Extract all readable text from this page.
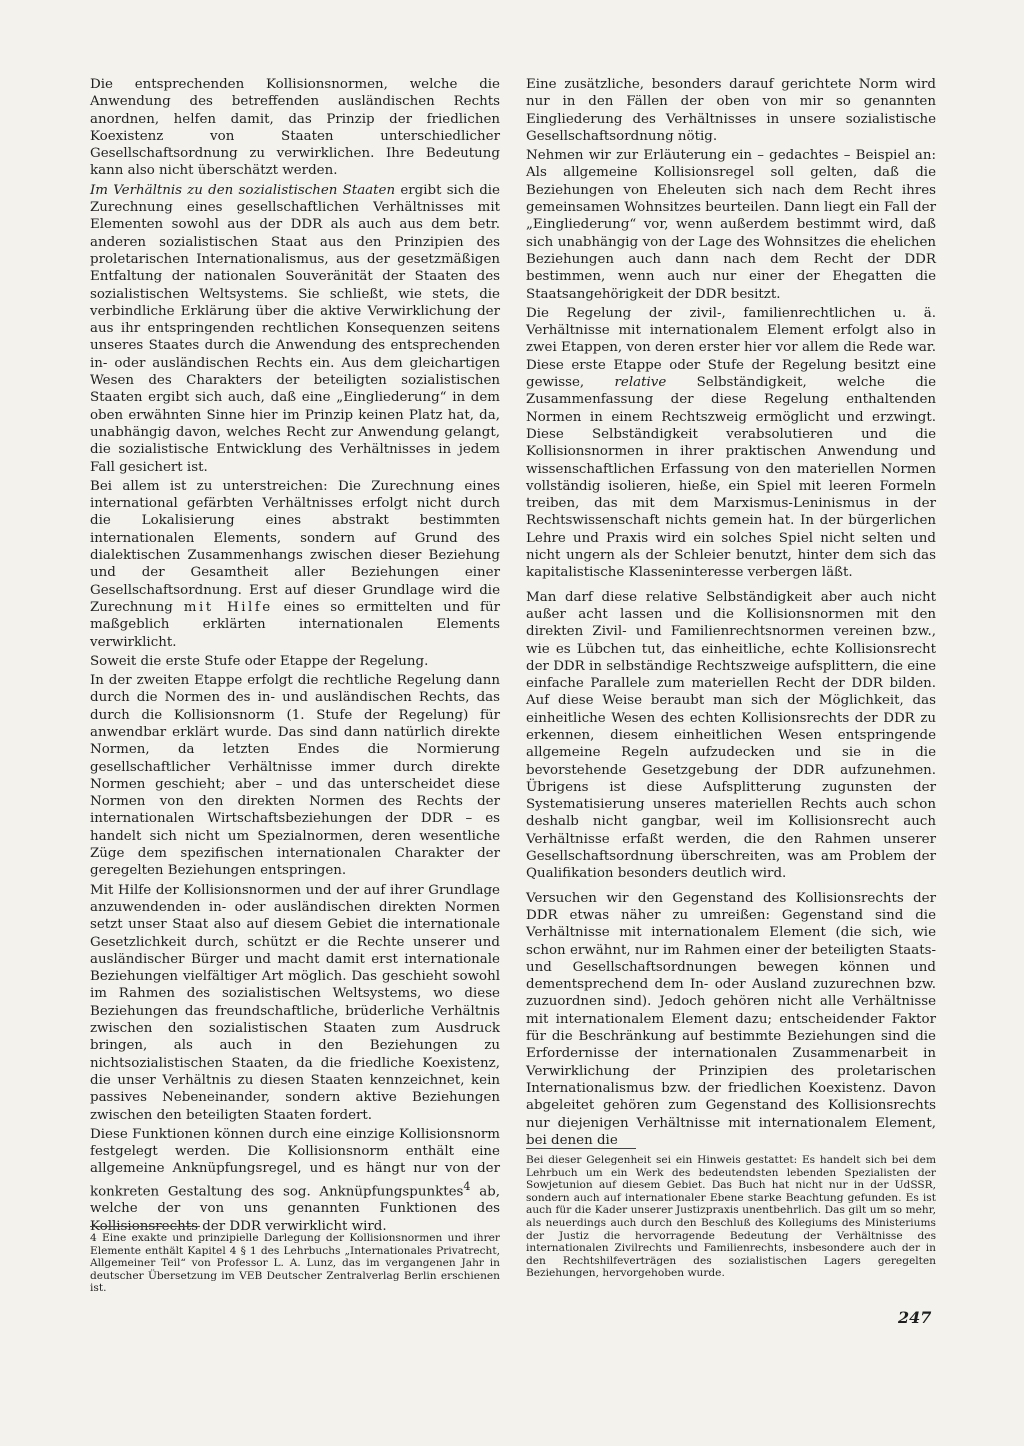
Die entsprechenden Kollisionsnormen, welche die Anwendung des betreffenden ausländischen Rechts anordnen, helfen damit, das Prinzip der friedlichen Koexistenz von Staaten unterschiedlicher Gesellschaftsordnung zu verwirklichen. Ihre Bedeutung kann also nicht überschätzt werden.

Im Verhältnis zu den sozialistischen Staaten ergibt sich die Zurechnung eines gesellschaftlichen Verhältnisses mit Elementen sowohl aus der DDR als auch aus dem betr. anderen sozialistischen Staat aus den Prinzipien des proletarischen Internationalismus, aus der gesetzmäßigen Entfaltung der nationalen Souveränität der Staaten des sozialistischen Weltsystems. Sie schließt, wie stets, die verbindliche Erklärung über die aktive Verwirklichung der aus ihr entspringenden rechtlichen Konsequenzen seitens unseres Staates durch die Anwendung des entsprechenden in- oder ausländischen Rechts ein. Aus dem gleichartigen Wesen des Charakters der beteiligten sozialistischen Staaten ergibt sich auch, daß eine „Eingliederung“ in dem oben erwähnten Sinne hier im Prinzip keinen Platz hat, da, unabhängig davon, welches Recht zur Anwendung gelangt, die sozialistische Entwicklung des Verhältnisses in jedem Fall gesichert ist.

Bei allem ist zu unterstreichen: Die Zurechnung eines international gefärbten Verhältnisses erfolgt nicht durch die Lokalisierung eines abstrakt bestimmten internationalen Elements, sondern auf Grund des dialektischen Zusammenhangs zwischen dieser Beziehung und der Gesamtheit aller Beziehungen einer Gesellschaftsordnung. Erst auf dieser Grundlage wird die Zurechnung mit Hilfe eines so ermittelten und für maßgeblich erklärten internationalen Elements verwirklicht.

Soweit die erste Stufe oder Etappe der Regelung.

In der zweiten Etappe erfolgt die rechtliche Regelung dann durch die Normen des in- und ausländischen Rechts, das durch die Kollisionsnorm (1. Stufe der Regelung) für anwendbar erklärt wurde. Das sind dann natürlich direkte Normen, da letzten Endes die Normierung gesellschaftlicher Verhältnisse immer durch direkte Normen geschieht; aber – und das unterscheidet diese Normen von den direkten Normen des Rechts der internationalen Wirtschaftsbeziehungen der DDR – es handelt sich nicht um Spezialnormen, deren wesentliche Züge dem spezifischen internationalen Charakter der geregelten Beziehungen entspringen.

Mit Hilfe der Kollisionsnormen und der auf ihrer Grundlage anzuwendenden in- oder ausländischen direkten Normen setzt unser Staat also auf diesem Gebiet die internationale Gesetzlichkeit durch, schützt er die Rechte unserer und ausländischer Bürger und macht damit erst internationale Beziehungen vielfältiger Art möglich. Das geschieht sowohl im Rahmen des sozialistischen Weltsystems, wo diese Beziehungen das freundschaftliche, brüderliche Verhältnis zwischen den sozialistischen Staaten zum Ausdruck bringen, als auch in den Beziehungen zu nichtsozialistischen Staaten, da die friedliche Koexistenz, die unser Verhältnis zu diesen Staaten kennzeichnet, kein passives Nebeneinander, sondern aktive Beziehungen zwischen den beteiligten Staaten fordert.

Diese Funktionen können durch eine einzige Kollisionsnorm festgelegt werden. Die Kollisionsnorm enthält eine allgemeine Anknüpfungsregel, und es hängt nur von der konkreten Gestaltung des sog. Anknüpfungspunktes$^4$ ab, welche der von uns genannten Funktionen des Kollisionsrechts der DDR verwirklicht wird.

Eine zusätzliche, besonders darauf gerichtete Norm wird nur in den Fällen der oben von mir so genannten Eingliederung des Verhältnisses in unsere sozialistische Gesellschaftsordnung nötig.

Nehmen wir zur Erläuterung ein – gedachtes – Beispiel an: Als allgemeine Kollisionsregel soll gelten, daß die Beziehungen von Eheleuten sich nach dem Recht ihres gemeinsamen Wohnsitzes beurteilen. Dann liegt ein Fall der „Eingliederung“ vor, wenn außerdem bestimmt wird, daß sich unabhängig von der Lage des Wohnsitzes die ehelichen Beziehungen auch dann nach dem Recht der DDR bestimmen, wenn auch nur einer der Ehegatten die Staatsangehörigkeit der DDR besitzt.

Die Regelung der zivil-, familienrechtlichen u. ä. Verhältnisse mit internationalem Element erfolgt also in zwei Etappen, von deren erster hier vor allem die Rede war. Diese erste Etappe oder Stufe der Regelung besitzt eine gewisse, relative Selbständigkeit, welche die Zusammenfassung der diese Regelung enthaltenden Normen in einem Rechtszweig ermöglicht und erzwingt. Diese Selbständigkeit verabsolutieren und die Kollisionsnormen in ihrer praktischen Anwendung und wissenschaftlichen Erfassung von den materiellen Normen vollständig isolieren, hieße, ein Spiel mit leeren Formeln treiben, das mit dem Marxismus-Leninismus in der Rechtswissenschaft nichts gemein hat. In der bürgerlichen Lehre und Praxis wird ein solches Spiel nicht selten und nicht ungern als der Schleier benutzt, hinter dem sich das kapitalistische Klasseninteresse verbergen läßt.

Man darf diese relative Selbständigkeit aber auch nicht außer acht lassen und die Kollisionsnormen mit den direkten Zivil- und Familienrechtsnormen vereinen bzw., wie es Lübchen tut, das einheitliche, echte Kollisionsrecht der DDR in selbständige Rechtszweige aufsplittern, die eine einfache Parallele zum materiellen Recht der DDR bilden. Auf diese Weise beraubt man sich der Möglichkeit, das einheitliche Wesen des echten Kollisionsrechts der DDR zu erkennen, diesem einheitlichen Wesen entspringende allgemeine Regeln aufzudecken und sie in die bevorstehende Gesetzgebung der DDR aufzunehmen. Übrigens ist diese Aufsplitterung zugunsten der Systematisierung unseres materiellen Rechts auch schon deshalb nicht gangbar, weil im Kollisionsrecht auch Verhältnisse erfaßt werden, die den Rahmen unserer Gesellschaftsordnung überschreiten, was am Problem der Qualifikation besonders deutlich wird.

Versuchen wir den Gegenstand des Kollisionsrechts der DDR etwas näher zu umreißen: Gegenstand sind die Verhältnisse mit internationalem Element (die sich, wie schon erwähnt, nur im Rahmen einer der beteiligten Staats- und Gesellschaftsordnungen bewegen können und dementsprechend dem In- oder Ausland zuzurechnen bzw. zuzuordnen sind). Jedoch gehören nicht alle Verhältnisse mit internationalem Element dazu; entscheidender Faktor für die Beschränkung auf bestimmte Beziehungen sind die Erfordernisse der internationalen Zusammenarbeit in Verwirklichung der Prinzipien des proletarischen Internationalismus bzw. der friedlichen Koexistenz. Davon abgeleitet gehören zum Gegenstand des Kollisionsrechts nur diejenigen Verhältnisse mit internationalem Element, bei denen die

Bei dieser Gelegenheit sei ein Hinweis gestattet: Es handelt sich bei dem Lehrbuch um ein Werk des bedeutendsten lebenden Spezialisten der Sowjetunion auf diesem Gebiet. Das Buch hat nicht nur in der UdSSR, sondern auch auf internationaler Ebene starke Beachtung gefunden. Es ist auch für die Kader unserer Justizpraxis unentbehrlich. Das gilt um so mehr, als neuerdings auch durch den Beschluß des Kollegiums des Ministeriums der Justiz die hervorragende Bedeutung der Verhältnisse des internationalen Zivilrechts und Familienrechts, insbesondere auch der in den Rechtshilfeverträgen des sozialistischen Lagers geregelten Beziehungen, hervorgehoben wurde.

4 Eine exakte und prinzipielle Darlegung der Kollisionsnormen und ihrer Elemente enthält Kapitel 4 § 1 des Lehrbuchs „Internationales Privatrecht, Allgemeiner Teil“ von Professor L. A. Lunz, das im vergangenen Jahr in deutscher Übersetzung im VEB Deutscher Zentralverlag Berlin erschienen ist.

247
